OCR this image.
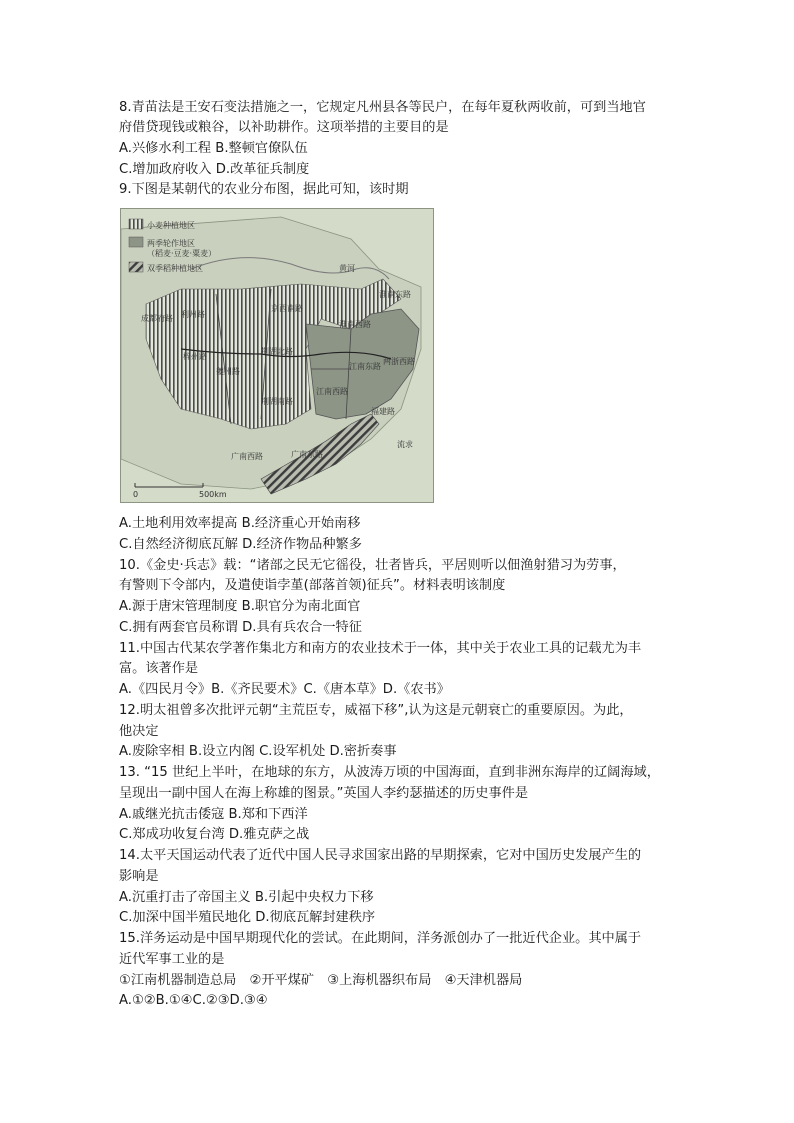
8.青苗法是王安石变法措施之一，它规定凡州县各等民户，在每年夏秋两收前，可到当地官
府借贷现钱或粮谷，以补助耕作。这项举措的主要目的是
A.兴修水利工程 B.整顿官僚队伍
C.增加政府收入 D.改革征兵制度
9.下图是某朝代的农业分布图，据此可知，该时期
小麦种植地区
两季轮作地区
（稻麦·豆麦·粟麦）
双季稻种植地区	黄河
淮南东路
淮南西路
京西南路
荆湖北路
江南东路
两浙西路
成都府路 利州路
梓州路
夔州路
荆湖南路
江南西路
福建路
广南西路	广南东路
流求
0	500km
A.土地利用效率提高 B.经济重心开始南移
C.自然经济彻底瓦解 D.经济作物品种繁多
10.《金史·兵志》载：“诸部之民无它徭役，壮者皆兵，平居则听以佃渔射猎习为劳事，
有警则下令部内，及遣使诣孛堇(部落首领)征兵”。材料表明该制度
A.源于唐宋管理制度 B.职官分为南北面官
C.拥有两套官员称谓 D.具有兵农合一特征
11.中国古代某农学著作集北方和南方的农业技术于一体，其中关于农业工具的记载尤为丰
富。该著作是
A.《四民月令》B.《齐民要术》C.《唐本草》D.《农书》
12.明太祖曾多次批评元朝“主荒臣专，威福下移”,认为这是元朝衰亡的重要原因。为此，
他决定
A.废除宰相 B.设立内阁 C.设军机处 D.密折奏事
13. “15 世纪上半叶，在地球的东方，从波涛万顷的中国海面，直到非洲东海岸的辽阔海域，
呈现出一副中国人在海上称雄的图景。”英国人李约瑟描述的历史事件是
A.戚继光抗击倭寇 B.郑和下西洋
C.郑成功收复台湾 D.雅克萨之战
14.太平天国运动代表了近代中国人民寻求国家出路的早期探索，它对中国历史发展产生的
影响是
A.沉重打击了帝国主义 B.引起中央权力下移
C.加深中国半殖民地化 D.彻底瓦解封建秩序
15.洋务运动是中国早期现代化的尝试。在此期间，洋务派创办了一批近代企业。其中属于
近代军事工业的是
①江南机器制造总局　②开平煤矿　③上海机器织布局　④天津机器局
A.①②B.①④C.②③D.③④
